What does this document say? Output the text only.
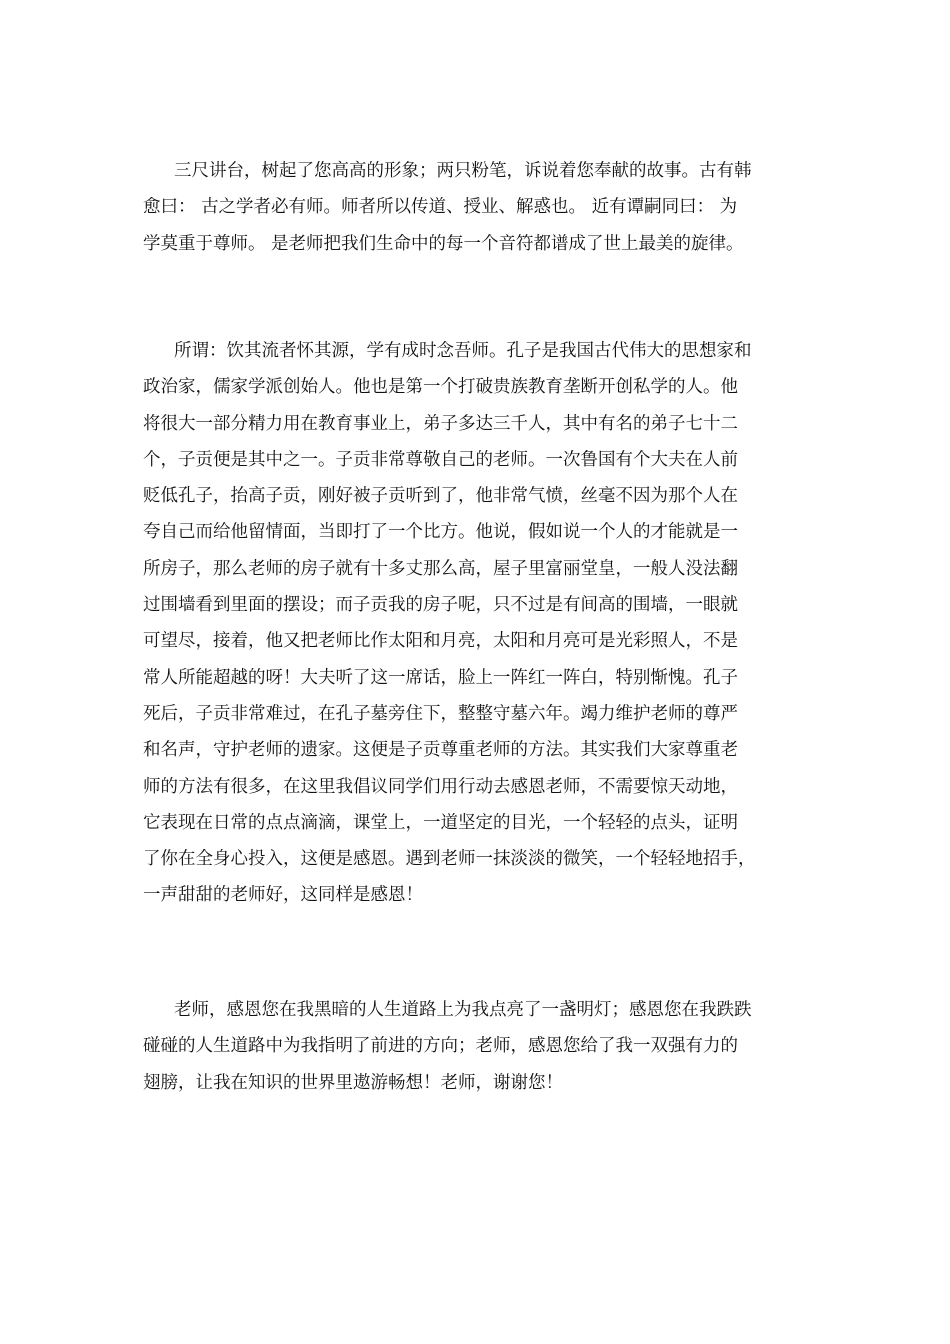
三尺讲台，树起了您高高的形象；两只粉笔，诉说着您奉献的故事。古有韩
愈曰： 古之学者必有师。师者所以传道、授业、解惑也。 近有谭嗣同曰： 为
学莫重于尊师。 是老师把我们生命中的每一个音符都谱成了世上最美的旋律。
所谓：饮其流者怀其源，学有成时念吾师。孔子是我国古代伟大的思想家和
政治家，儒家学派创始人。他也是第一个打破贵族教育垄断开创私学的人。他
将很大一部分精力用在教育事业上，弟子多达三千人，其中有名的弟子七十二
个，子贡便是其中之一。子贡非常尊敬自己的老师。一次鲁国有个大夫在人前
贬低孔子，抬高子贡，刚好被子贡听到了，他非常气愤，丝毫不因为那个人在
夸自己而给他留情面，当即打了一个比方。他说，假如说一个人的才能就是一
所房子，那么老师的房子就有十多丈那么高，屋子里富丽堂皇，一般人没法翻
过围墙看到里面的摆设；而子贡我的房子呢，只不过是有间高的围墙，一眼就
可望尽，接着，他又把老师比作太阳和月亮，太阳和月亮可是光彩照人，不是
常人所能超越的呀！大夫听了这一席话，脸上一阵红一阵白，特别惭愧。孔子
死后，子贡非常难过，在孔子墓旁住下，整整守墓六年。竭力维护老师的尊严
和名声，守护老师的遗家。这便是子贡尊重老师的方法。其实我们大家尊重老
师的方法有很多，在这里我倡议同学们用行动去感恩老师，不需要惊天动地，
它表现在日常的点点滴滴，课堂上，一道坚定的目光，一个轻轻的点头，证明
了你在全身心投入，这便是感恩。遇到老师一抹淡淡的微笑，一个轻轻地招手，
一声甜甜的老师好，这同样是感恩！
老师，感恩您在我黑暗的人生道路上为我点亮了一盏明灯；感恩您在我跌跌
碰碰的人生道路中为我指明了前进的方向；老师，感恩您给了我一双强有力的
翅膀，让我在知识的世界里遨游畅想！老师，谢谢您！
